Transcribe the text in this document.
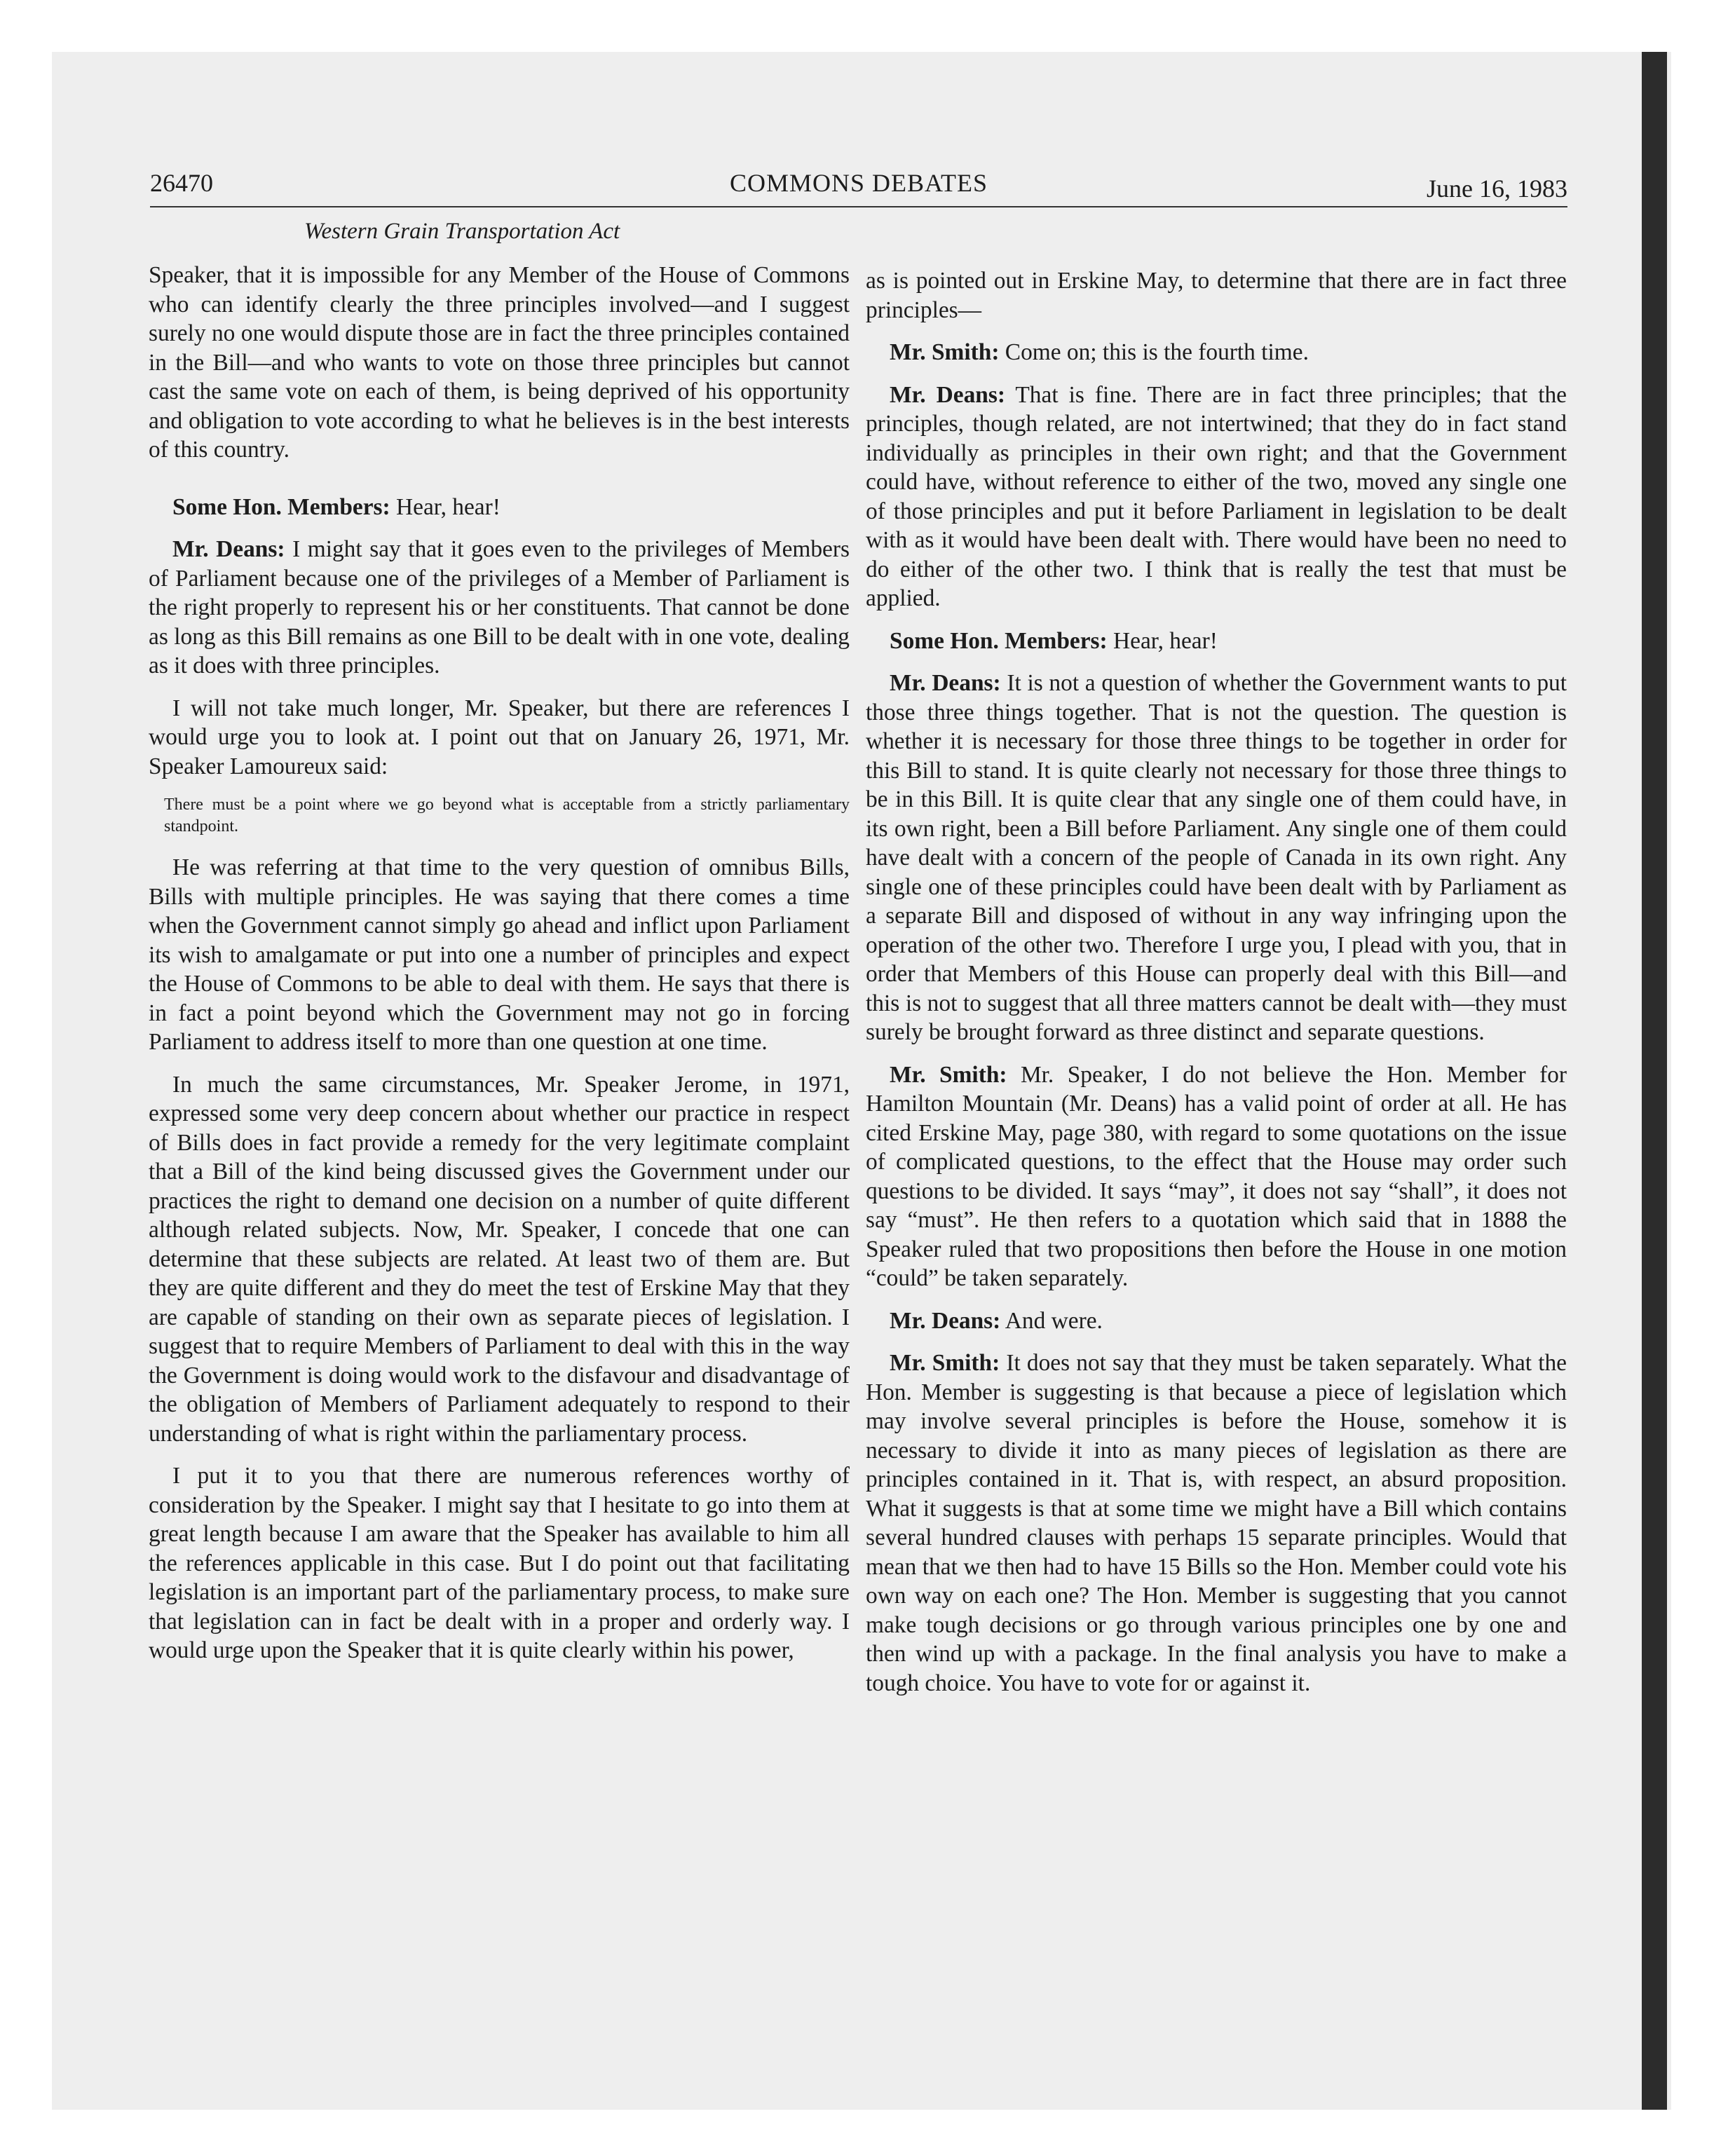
26470	COMMONS DEBATES	June 16, 1983
Western Grain Transportation Act

Speaker, that it is impossible for any Member of the House of Commons who can identify clearly the three principles involved—and I suggest surely no one would dispute those are in fact the three principles contained in the Bill—and who wants to vote on those three principles but cannot cast the same vote on each of them, is being deprived of his opportunity and obligation to vote according to what he believes is in the best interests of this country.

Some Hon. Members: Hear, hear!

Mr. Deans: I might say that it goes even to the privileges of Members of Parliament because one of the privileges of a Member of Parliament is the right properly to represent his or her constituents. That cannot be done as long as this Bill remains as one Bill to be dealt with in one vote, dealing as it does with three principles.

I will not take much longer, Mr. Speaker, but there are references I would urge you to look at. I point out that on January 26, 1971, Mr. Speaker Lamoureux said:

There must be a point where we go beyond what is acceptable from a strictly parliamentary standpoint.

He was referring at that time to the very question of omnibus Bills, Bills with multiple principles. He was saying that there comes a time when the Government cannot simply go ahead and inflict upon Parliament its wish to amalgamate or put into one a number of principles and expect the House of Commons to be able to deal with them. He says that there is in fact a point beyond which the Government may not go in forcing Parliament to address itself to more than one question at one time.

In much the same circumstances, Mr. Speaker Jerome, in 1971, expressed some very deep concern about whether our practice in respect of Bills does in fact provide a remedy for the very legitimate complaint that a Bill of the kind being discussed gives the Government under our practices the right to demand one decision on a number of quite different although related subjects. Now, Mr. Speaker, I concede that one can determine that these subjects are related. At least two of them are. But they are quite different and they do meet the test of Erskine May that they are capable of standing on their own as separate pieces of legislation. I suggest that to require Members of Parliament to deal with this in the way the Government is doing would work to the disfavour and disadvantage of the obligation of Members of Parliament adequately to respond to their understanding of what is right within the parliamentary process.

I put it to you that there are numerous references worthy of consideration by the Speaker. I might say that I hesitate to go into them at great length because I am aware that the Speaker has available to him all the references applicable in this case. But I do point out that facilitating legislation is an important part of the parliamentary process, to make sure that legislation can in fact be dealt with in a proper and orderly way. I would urge upon the Speaker that it is quite clearly within his power,

as is pointed out in Erskine May, to determine that there are in fact three principles—

Mr. Smith: Come on; this is the fourth time.

Mr. Deans: That is fine. There are in fact three principles; that the principles, though related, are not intertwined; that they do in fact stand individually as principles in their own right; and that the Government could have, without reference to either of the two, moved any single one of those principles and put it before Parliament in legislation to be dealt with as it would have been dealt with. There would have been no need to do either of the other two. I think that is really the test that must be applied.

Some Hon. Members: Hear, hear!

Mr. Deans: It is not a question of whether the Government wants to put those three things together. That is not the question. The question is whether it is necessary for those three things to be together in order for this Bill to stand. It is quite clearly not necessary for those three things to be in this Bill. It is quite clear that any single one of them could have, in its own right, been a Bill before Parliament. Any single one of them could have dealt with a concern of the people of Canada in its own right. Any single one of these principles could have been dealt with by Parliament as a separate Bill and disposed of without in any way infringing upon the operation of the other two. Therefore I urge you, I plead with you, that in order that Members of this House can properly deal with this Bill—and this is not to suggest that all three matters cannot be dealt with—they must surely be brought forward as three distinct and separate questions.

Mr. Smith: Mr. Speaker, I do not believe the Hon. Member for Hamilton Mountain (Mr. Deans) has a valid point of order at all. He has cited Erskine May, page 380, with regard to some quotations on the issue of complicated questions, to the effect that the House may order such questions to be divided. It says “may”, it does not say “shall”, it does not say “must”. He then refers to a quotation which said that in 1888 the Speaker ruled that two propositions then before the House in one motion “could” be taken separately.

Mr. Deans: And were.

Mr. Smith: It does not say that they must be taken separately. What the Hon. Member is suggesting is that because a piece of legislation which may involve several principles is before the House, somehow it is necessary to divide it into as many pieces of legislation as there are principles contained in it. That is, with respect, an absurd proposition. What it suggests is that at some time we might have a Bill which contains several hundred clauses with perhaps 15 separate principles. Would that mean that we then had to have 15 Bills so the Hon. Member could vote his own way on each one? The Hon. Member is suggesting that you cannot make tough decisions or go through various principles one by one and then wind up with a package. In the final analysis you have to make a tough choice. You have to vote for or against it.
